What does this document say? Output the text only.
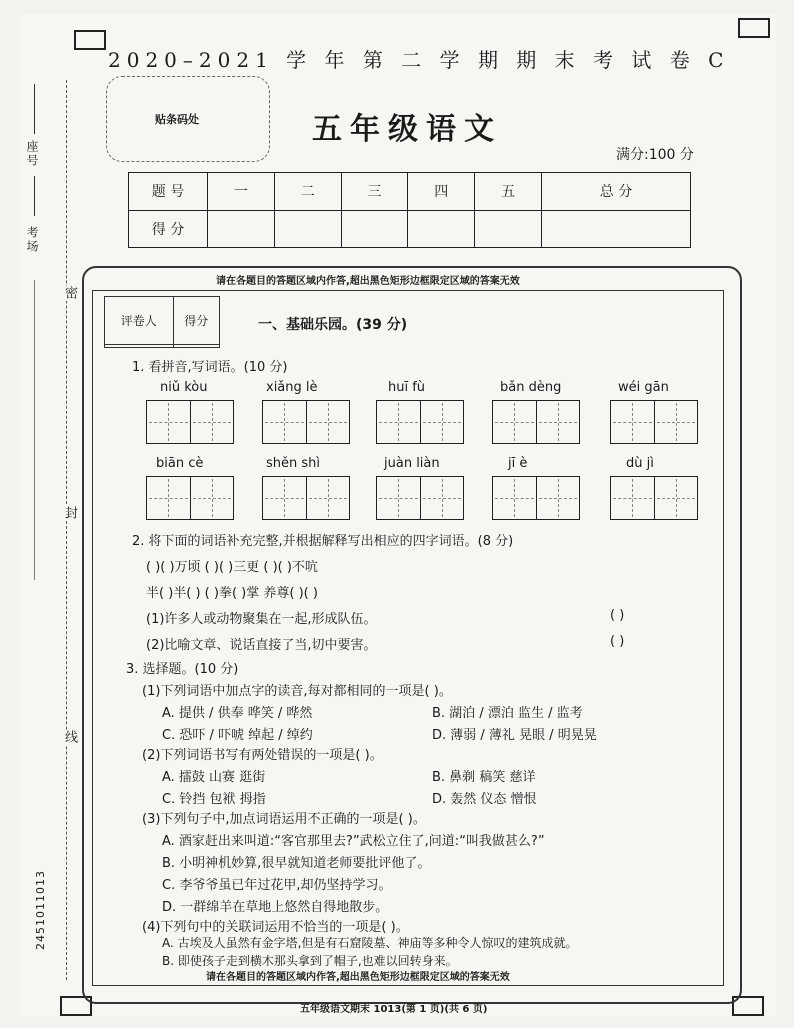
座号
考场
密
封
线
2451011013
2020–2021 学 年 第 二 学 期 期 末 考 试 卷 C
贴条码处	五年级语文
满分:100 分
题 号	一	二	三	四	五	总 分
得 分						
请在各题目的答题区域内作答,超出黑色矩形边框限定区域的答案无效
请在各题目的答题区域内作答,超出黑色矩形边框限定区域的答案无效
评卷人	得分
		一、基础乐园。(39 分)
1. 看拼音,写词语。(10 分)
niǔ kòu	xiǎng lè	huī fù	bǎn dèng	wéi gān
biān cè	shěn shì	juàn liàn	jī è	dù jì
2. 将下面的词语补充完整,并根据解释写出相应的四字词语。(8 分)
( )( )万顷 ( )( )三更 ( )( )不吭
半( )半( ) ( )拳( )掌 养尊( )( )
(1)许多人或动物聚集在一起,形成队伍。	( )
(2)比喻文章、说话直接了当,切中要害。	( )
3. 选择题。(10 分)
(1)下列词语中加点字的读音,每对都相同的一项是( )。
A. 提供 / 供奉 哗笑 / 哗然	B. 湖泊 / 漂泊 监生 / 监考
C. 恐吓 / 吓唬 绰起 / 绰约	D. 薄弱 / 薄礼 晃眼 / 明晃晃
(2)下列词语书写有两处错误的一项是( )。
A. 擂鼓 山赛 逛街	B. 鼻剃 稿笑 慈详
C. 铃挡 包袱 拇指	D. 轰然 仪态 憎恨
(3)下列句子中,加点词语运用不正确的一项是( )。
A. 酒家赶出来叫道:“客官那里去?”武松立住了,问道:“叫我做甚么?”
B. 小明神机妙算,很早就知道老师要批评他了。
C. 李爷爷虽已年过花甲,却仍坚持学习。
D. 一群绵羊在草地上悠然自得地散步。
(4)下列句中的关联词运用不恰当的一项是( )。
A. 古埃及人虽然有金字塔,但是有石窟陵墓、神庙等多种令人惊叹的建筑成就。
B. 即使孩子走到横木那头拿到了帽子,也难以回转身来。
五年级语文期末 1013(第 1 页)(共 6 页)
